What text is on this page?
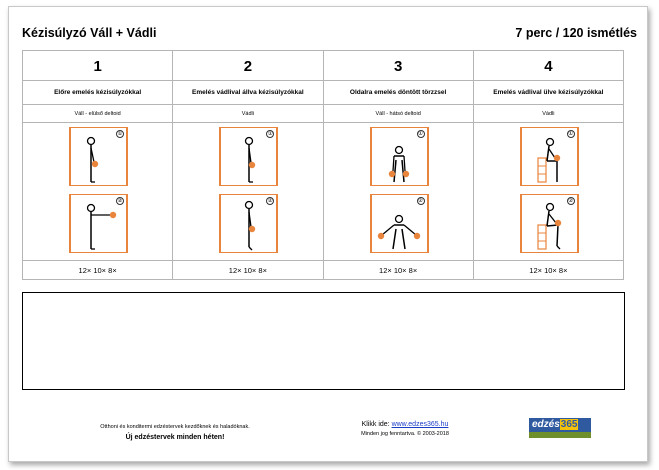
Kézisúlyzó Váll + Vádli	7 perc / 120 ismétlés
1
Előre emelés kézisúlyzókkal
Váll - elülső deltoid
①
②
12× 10× 8×
2
Emelés vádlival állva kézisúlyzókkal
Vádli
①
②
12× 10× 8×
3
Oldalra emelés döntött törzzsel
Váll - hátsó deltoid
①
②
12× 10× 8×
4
Emelés vádlival ülve kézisúlyzókkal
Vádli
①
②
12× 10× 8×
Otthoni és konditermi edzéstervek kezdőknek és haladóknak.
Új edzéstervek minden héten!
Klikk ide: www.edzes365.hu
Minden jog fenntartva. © 2003-2018
edzés365
